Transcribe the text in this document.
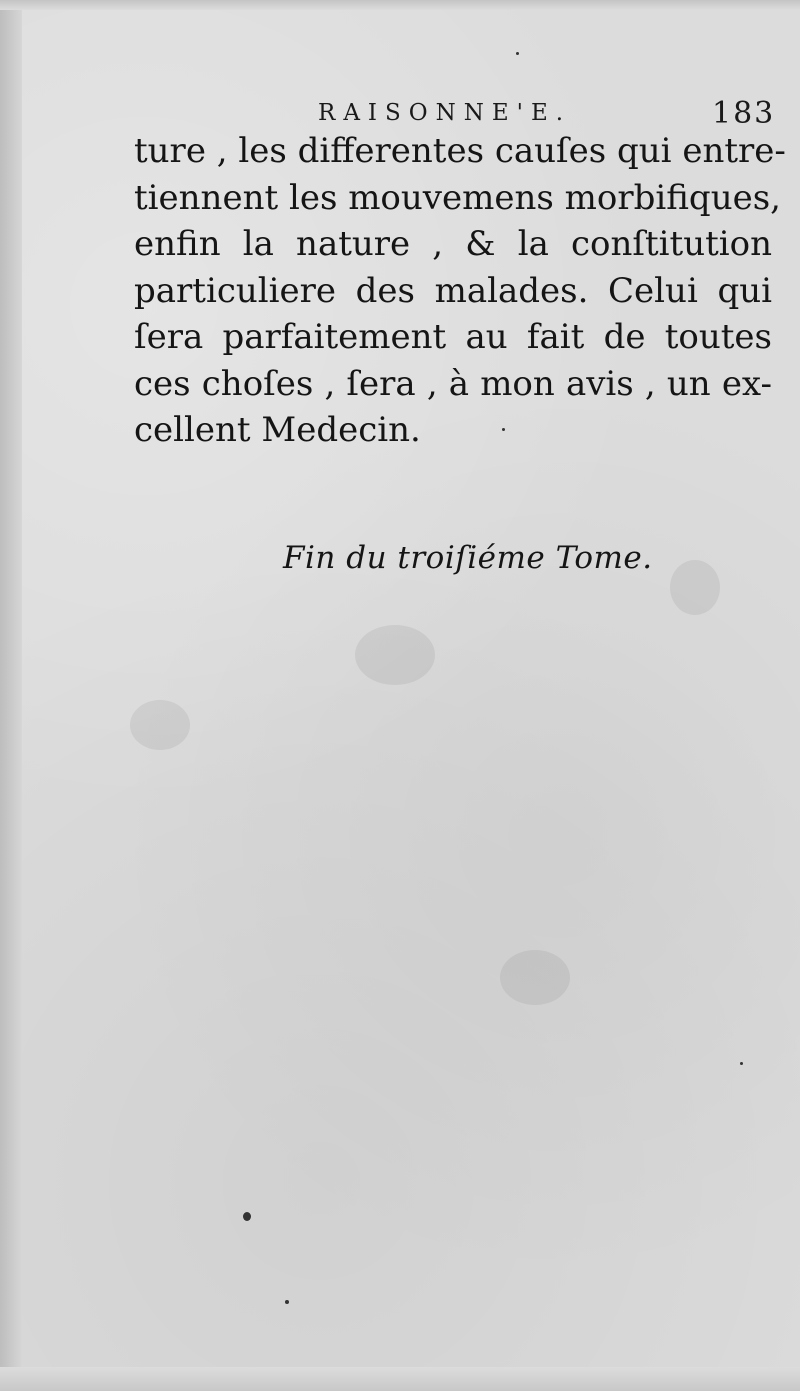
RAISONNE'E.	183
ture , les differentes cauſes qui entre-
tiennent les mouvemens morbifiques,
enfin la nature , & la conſtitution
particuliere des malades. Celui qui
ſera parfaitement au fait de toutes
ces choſes , ſera , à mon avis , un ex-
cellent Medecin.
Fin du troiſiéme Tome.
